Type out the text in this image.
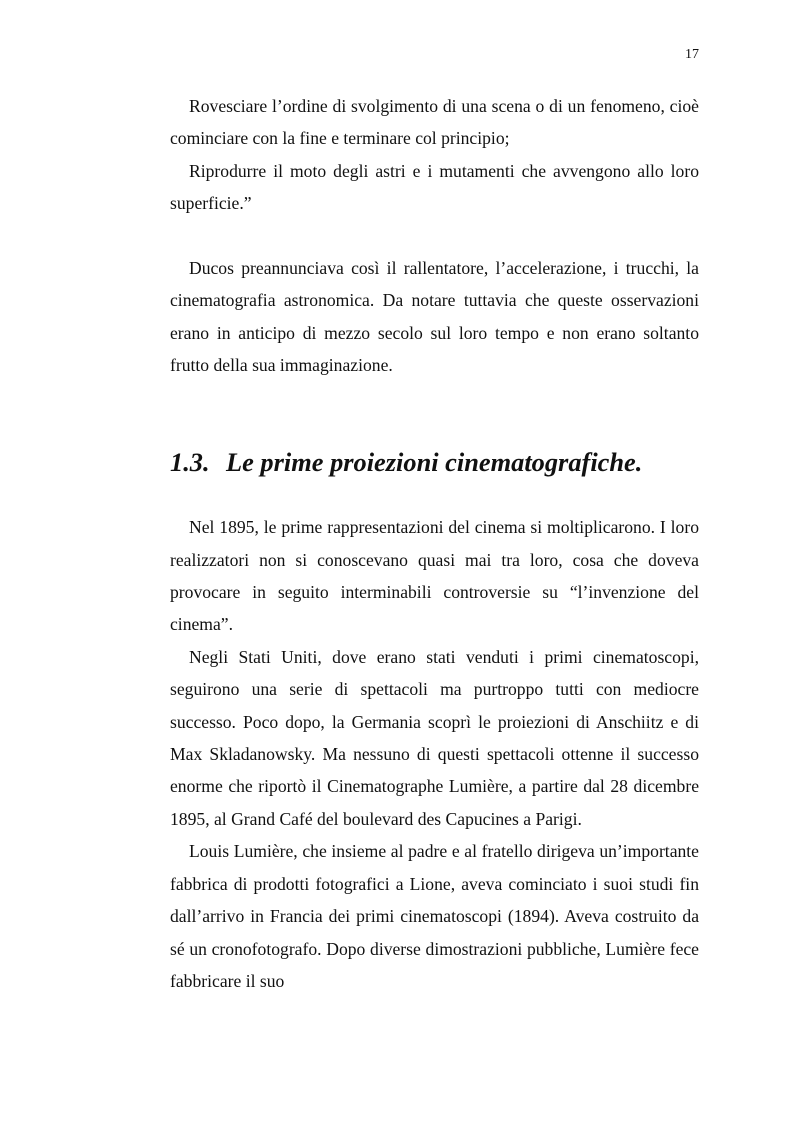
17

Rovesciare l’ordine di svolgimento di una scena o di un fenomeno, cioè cominciare con la fine e terminare col principio;

Riprodurre il moto degli astri e i mutamenti che avvengono allo loro superficie.”

Ducos preannunciava così il rallentatore, l’accelerazione, i trucchi, la cinematografia astronomica. Da notare tuttavia che queste osservazioni erano in anticipo di mezzo secolo sul loro tempo e non erano soltanto frutto della sua immaginazione.

1.3. Le prime proiezioni cinematografiche.

Nel 1895, le prime rappresentazioni del cinema si moltiplicarono. I loro realizzatori non si conoscevano quasi mai tra loro, cosa che doveva provocare in seguito interminabili controversie su “l’invenzione del cinema”.

Negli Stati Uniti, dove erano stati venduti i primi cinematoscopi, seguirono una serie di spettacoli ma purtroppo tutti con mediocre successo. Poco dopo, la Germania scoprì le proiezioni di Anschiitz e di Max Skladanowsky. Ma nessuno di questi spettacoli ottenne il successo enorme che riportò il Cinematographe Lumière, a partire dal 28 dicembre 1895, al Grand Café del boulevard des Capucines a Parigi.

Louis Lumière, che insieme al padre e al fratello dirigeva un’importante fabbrica di prodotti fotografici a Lione, aveva cominciato i suoi studi fin dall’arrivo in Francia dei primi cinematoscopi (1894). Aveva costruito da sé un cronofotografo. Dopo diverse dimostrazioni pubbliche, Lumière fece fabbricare il suo
